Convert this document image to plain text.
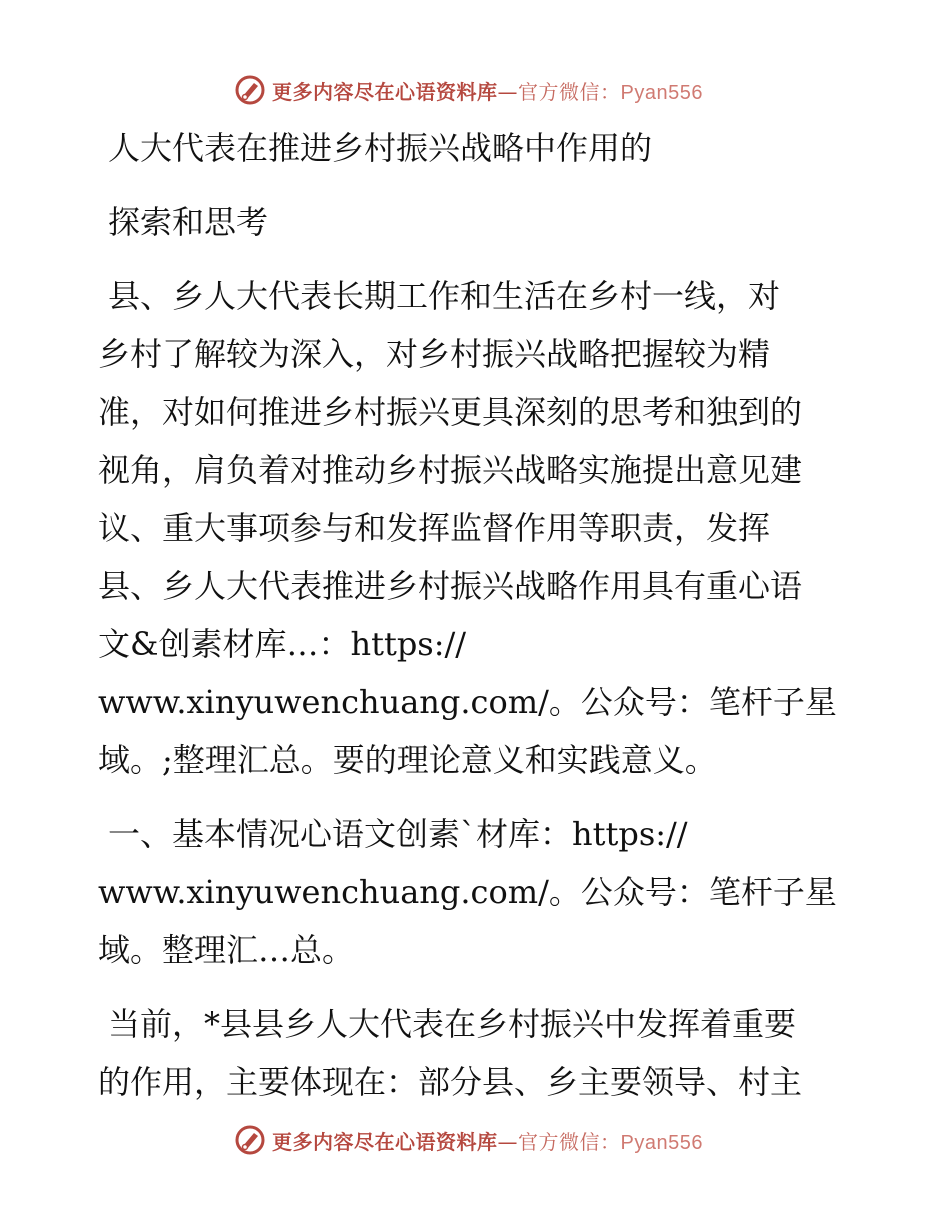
更多内容尽在心语资料库—官方微信：Pyan556
人大代表在推进乡村振兴战略中作用的
探索和思考
县、乡人大代表长期工作和生活在乡村一线，对
乡村了解较为深入，对乡村振兴战略把握较为精
准，对如何推进乡村振兴更具深刻的思考和独到的
视角，肩负着对推动乡村振兴战略实施提出意见建
议、重大事项参与和发挥监督作用等职责，发挥
县、乡人大代表推进乡村振兴战略作用具有重心语
文&创素材库…：https://
www.xinyuwenchuang.com/。公众号：笔杆子星
域。;整理汇总。要的理论意义和实践意义。
一、基本情况心语文创素`材库：https://
www.xinyuwenchuang.com/。公众号：笔杆子星
域。整理汇…总。
当前，*县县乡人大代表在乡村振兴中发挥着重要
的作用，主要体现在：部分县、乡主要领导、村主
更多内容尽在心语资料库—官方微信：Pyan556
